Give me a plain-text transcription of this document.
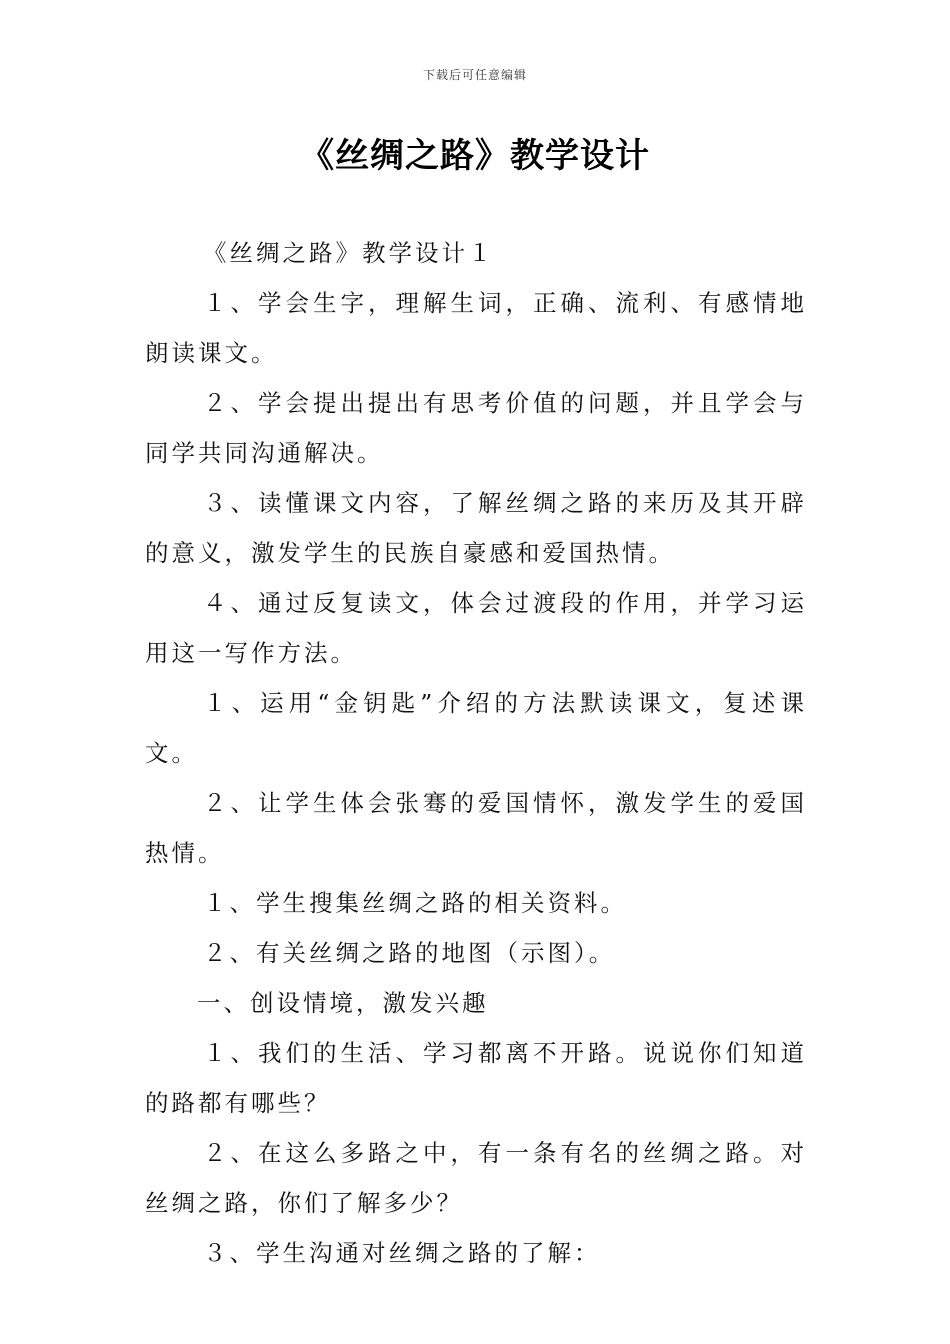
下载后可任意编辑
《丝绸之路》教学设计

《丝绸之路》教学设计１

１、学会生字，理解生词，正确、流利、有感情地朗读课文。

２、学会提出提出有思考价值的问题，并且学会与同学共同沟通解决。

３、读懂课文内容，了解丝绸之路的来历及其开辟的意义，激发学生的民族自豪感和爱国热情。

４、通过反复读文，体会过渡段的作用，并学习运用这一写作方法。

１、运用“金钥匙”介绍的方法默读课文，复述课文。

２、让学生体会张骞的爱国情怀，激发学生的爱国热情。

１、学生搜集丝绸之路的相关资料。

２、有关丝绸之路的地图（示图）。

一、创设情境，激发兴趣

１、我们的生活、学习都离不开路。说说你们知道的路都有哪些？

２、在这么多路之中，有一条有名的丝绸之路。对丝绸之路，你们了解多少？

３、学生沟通对丝绸之路的了解：
